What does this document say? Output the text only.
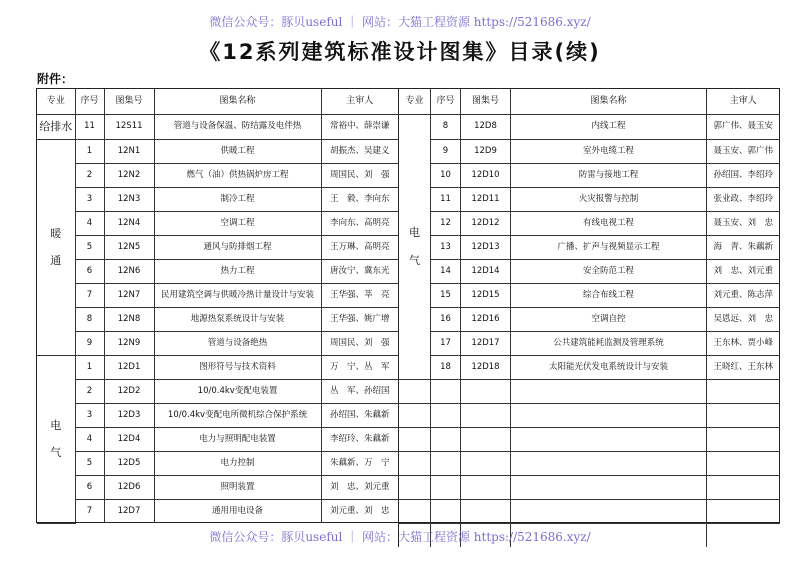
微信公众号：豚贝useful ｜ 网站：大猫工程资源 https://521686.xyz/
《12系列建筑标准设计图集》目录(续)
附件：
专业	序号	图集号	图集名称	主审人
给排水	11	12S11	管道与设备保温、防结露及电伴热	常裕中、薛崇谦

暖
通	1	12N1	供暖工程	胡振杰、吴建义
	2	12N2	燃气（油）供热锅炉房工程	周国民、刘　强
	3	12N3	制冷工程	王　毅、李向东
	4	12N4	空调工程	李向东、高明亮
	5	12N5	通风与防排烟工程	王万琳、高明亮
	6	12N6	热力工程	唐汝宁、冀东光
	7	12N7	民用建筑空调与供暖冷热计量设计与安装	王华强、莘　亮
	8	12N8	地源热泵系统设计与安装	王华强、姚广增
	9	12N9	管道与设备绝热	周国民、刘　强

电
气	1	12D1	图形符号与技术资料	万　宁、丛　军
	2	12D2	10/0.4kv变配电装置	丛　军、孙绍国
	3	12D3	10/0.4kv变配电所微机综合保护系统	孙绍国、朱藕新
	4	12D4	电力与照明配电装置	李绍玲、朱藕新
	5	12D5	电力控制	朱藕新、万　宁
	6	12D6	照明装置	刘　忠、刘元重
	7	12D7	通用用电设备	刘元重、刘　忠
专业	序号	图集号	图集名称	主审人

电
气	8	12D8	内线工程	郭广伟、聂玉安
	9	12D9	室外电缆工程	聂玉安、郭广伟
	10	12D10	防雷与接地工程	孙绍国、李绍玲
	11	12D11	火灾报警与控制	张业政、李绍玲
	12	12D12	有线电视工程	聂玉安、刘　忠
	13	12D13	广播、扩声与视频显示工程	海　青、朱藕新
	14	12D14	安全防范工程	刘　忠、刘元重
	15	12D15	综合布线工程	刘元重、陈志萍
	16	12D16	空调自控	吴恩远、刘　忠
	17	12D17	公共建筑能耗监测及管理系统	王东林、贾小峰
	18	12D18	太阳能光伏发电系统设计与安装	王晓红、王东林

微信公众号：豚贝useful ｜ 网站：大猫工程资源 https://521686.xyz/
